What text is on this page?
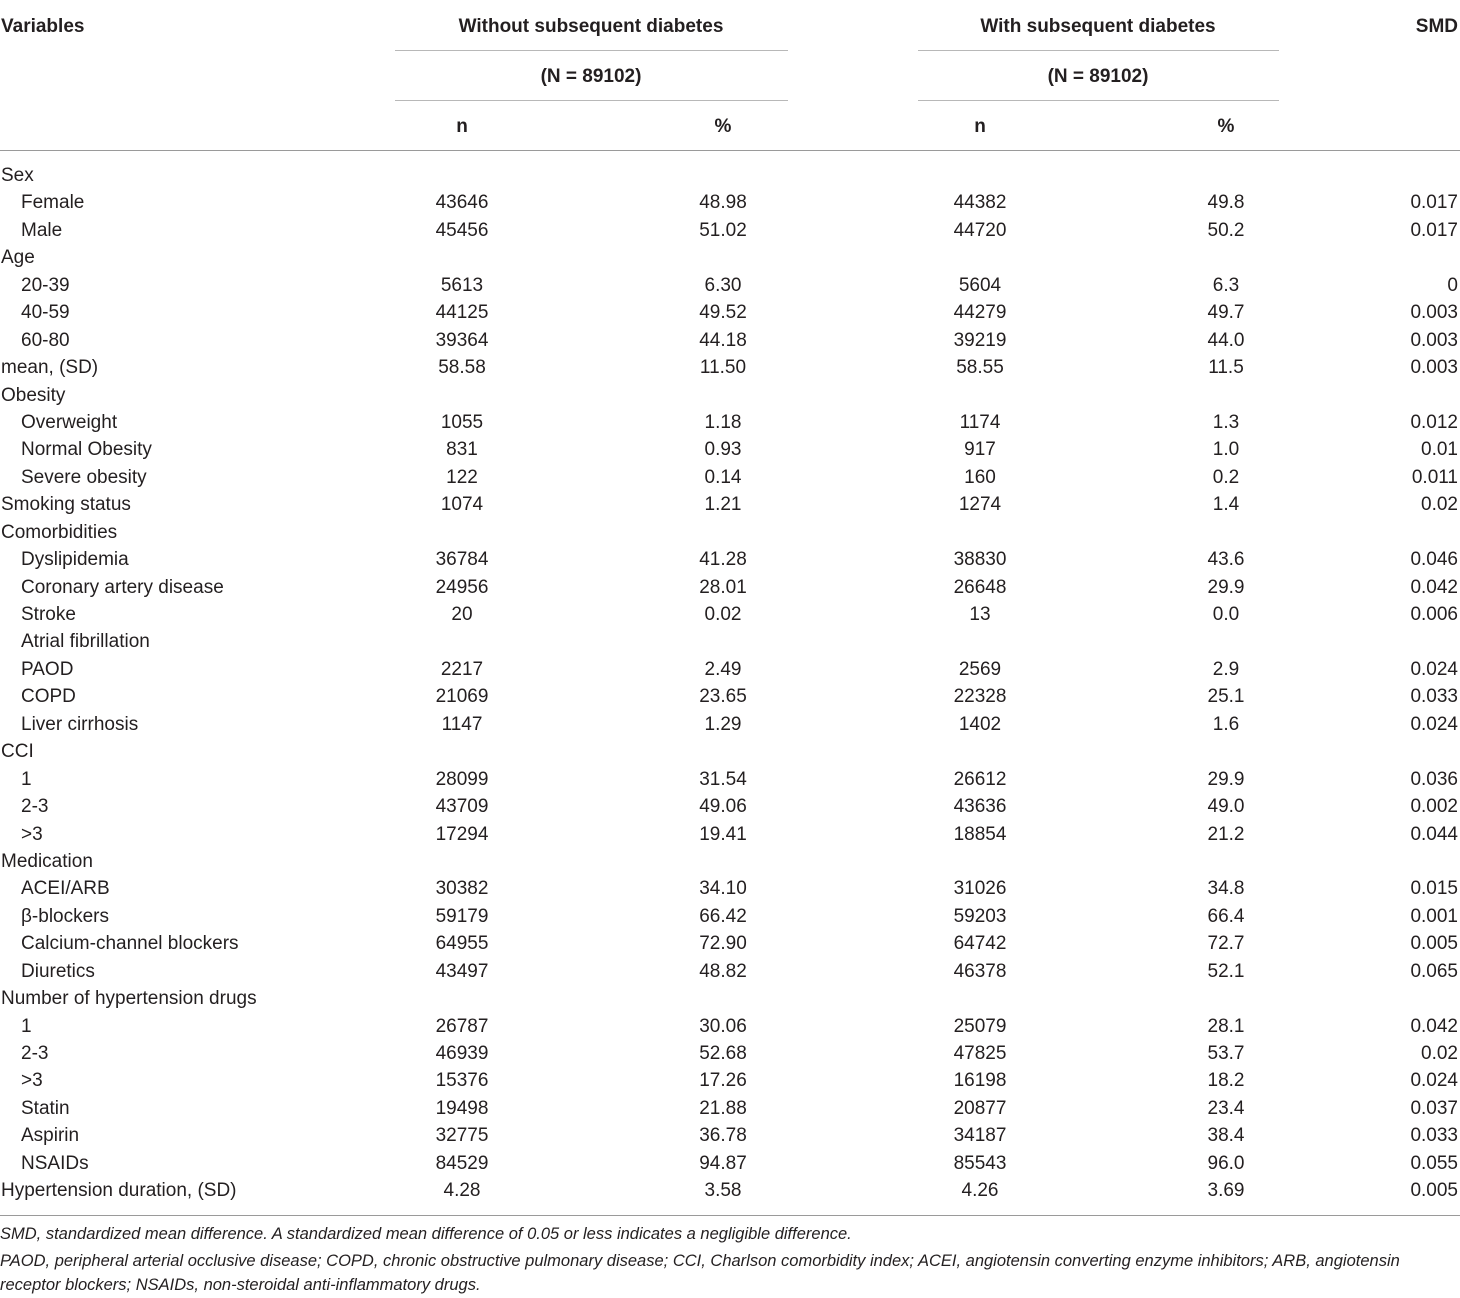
Variables	Without subsequent diabetes	With subsequent diabetes	SMD
(N = 89102)	(N = 89102)
n	%	n	%
Sex
Female	43646	48.98	44382	49.8	0.017
Male	45456	51.02	44720	50.2	0.017
Age
20-39	5613	6.30	5604	6.3	0
40-59	44125	49.52	44279	49.7	0.003
60-80	39364	44.18	39219	44.0	0.003
mean, (SD)	58.58	11.50	58.55	11.5	0.003
Obesity
Overweight	1055	1.18	1174	1.3	0.012
Normal Obesity	831	0.93	917	1.0	0.01
Severe obesity	122	0.14	160	0.2	0.011
Smoking status	1074	1.21	1274	1.4	0.02
Comorbidities
Dyslipidemia	36784	41.28	38830	43.6	0.046
Coronary artery disease	24956	28.01	26648	29.9	0.042
Stroke	20	0.02	13	0.0	0.006
Atrial fibrillation
PAOD	2217	2.49	2569	2.9	0.024
COPD	21069	23.65	22328	25.1	0.033
Liver cirrhosis	1147	1.29	1402	1.6	0.024
CCI
1	28099	31.54	26612	29.9	0.036
2-3	43709	49.06	43636	49.0	0.002
>3	17294	19.41	18854	21.2	0.044
Medication
ACEI/ARB	30382	34.10	31026	34.8	0.015
β-blockers	59179	66.42	59203	66.4	0.001
Calcium-channel blockers	64955	72.90	64742	72.7	0.005
Diuretics	43497	48.82	46378	52.1	0.065
Number of hypertension drugs
1	26787	30.06	25079	28.1	0.042
2-3	46939	52.68	47825	53.7	0.02
>3	15376	17.26	16198	18.2	0.024
Statin	19498	21.88	20877	23.4	0.037
Aspirin	32775	36.78	34187	38.4	0.033
NSAIDs	84529	94.87	85543	96.0	0.055
Hypertension duration, (SD)	4.28	3.58	4.26	3.69	0.005
SMD, standardized mean difference. A standardized mean difference of 0.05 or less indicates a negligible difference.
PAOD, peripheral arterial occlusive disease; COPD, chronic obstructive pulmonary disease; CCI, Charlson comorbidity index; ACEI, angiotensin converting enzyme inhibitors; ARB, angiotensin receptor blockers; NSAIDs, non-steroidal anti-inflammatory drugs.
